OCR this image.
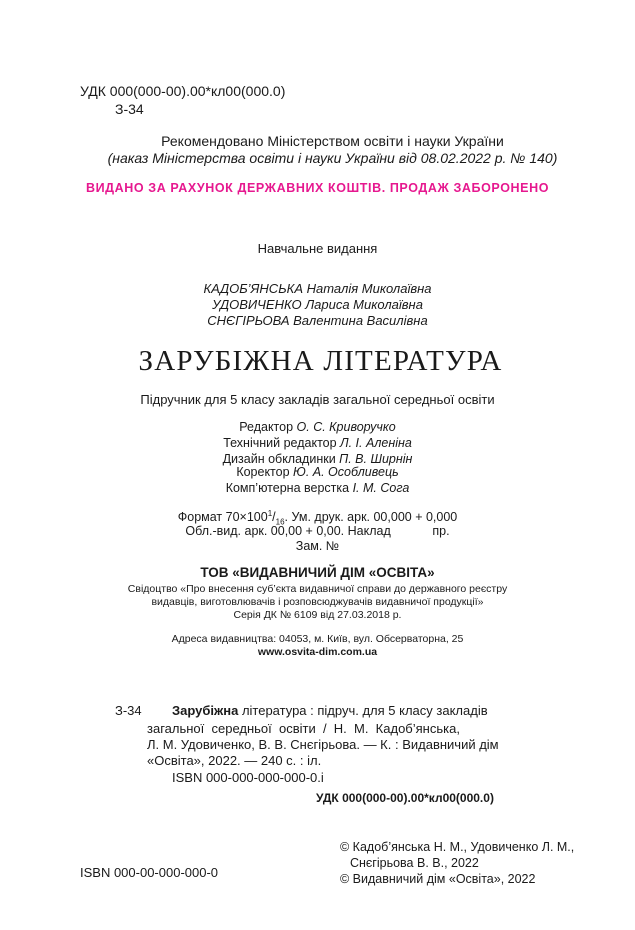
УДК 000(000-00).00*кл00(000.0)
З-34
Рекомендовано Міністерством освіти і науки України
(наказ Міністерства освіти і науки України від 08.02.2022 р. № 140)
ВИДАНО ЗА РАХУНОК ДЕРЖАВНИХ КОШТІВ. ПРОДАЖ ЗАБОРОНЕНО
Навчальне видання
КАДОБ’ЯНСЬКА Наталія Миколаївна
УДОВИЧЕНКО Лариса Миколаївна
СНЄГІРЬОВА Валентина Василівна
ЗАРУБІЖНА ЛІТЕРАТУРА
Підручник для 5 класу закладів загальної середньої освіти
Редактор О. С. Криворучко
Технічний редактор Л. І. Аленіна
Дизайн обкладинки П. В. Ширнін
Коректор Ю. А. Особливець
Комп’ютерна верстка І. М. Сога
Формат $70\times 100^1/_{16}$. Ум. друк. арк. 00,000 + 0,000
Обл.-вид. арк. 00,00 + 0,00. Наклад            пр.
Зам. №
ТОВ «ВИДАВНИЧИЙ ДІМ «ОСВІТА»
Свідоцтво «Про внесення суб’єкта видавничої справи до державного реєстру
видавців, виготовлювачів і розповсюджувачів видавничої продукції»
Серія ДК № 6109 від 27.03.2018 р.
Адреса видавництва: 04053, м. Київ, вул. Обсерваторна, 25
www.osvita-dim.com.ua
З-34 Зарубіжна література : підруч. для 5 класу закладів
загальної  середньої  освіти  /  Н.  М.  Кадоб’янська,
Л. М. Удовиченко, В. В. Снєгірьова. — К. : Видавничий дім
«Освіта», 2022. — 240 с. : іл.
ISBN 000-000-000-000-0.і
УДК 000(000-00).00*кл00(000.0)
ISBN 000-00-000-000-0
© Кадоб’янська Н. М., Удовиченко Л. М.,
Снєгірьова В. В., 2022
© Видавничий дім «Освіта», 2022
